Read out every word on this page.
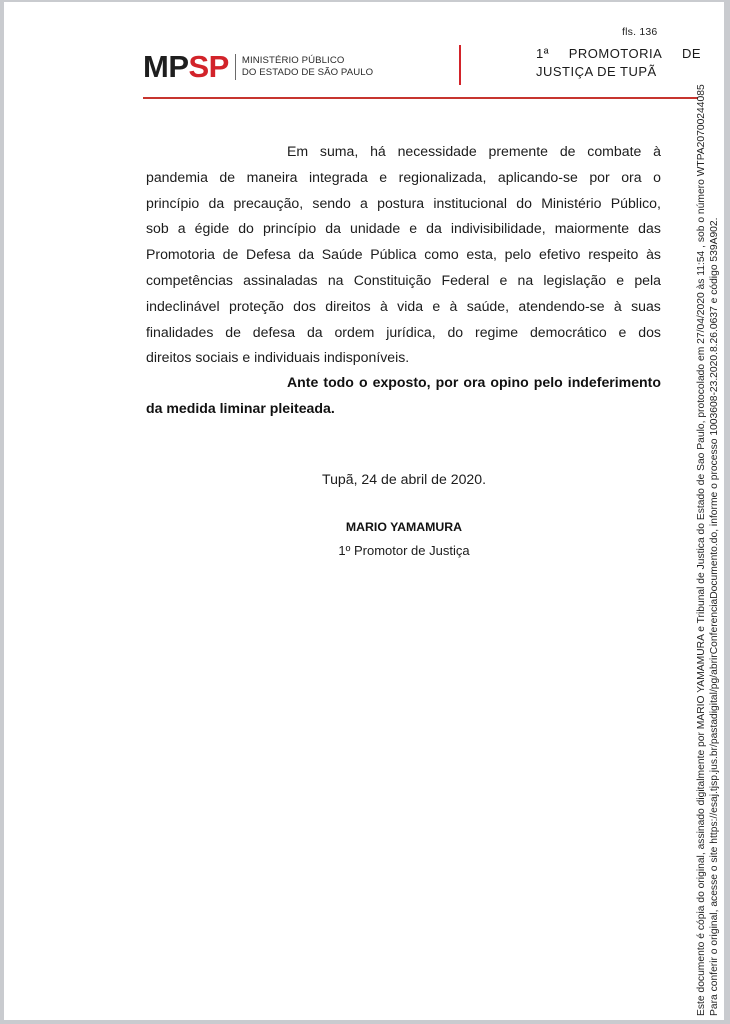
fls. 136
MPSP MINISTÉRIO PÚBLICO
DO ESTADO DE SÃO PAULO
1ª PROMOTORIA DE
JUSTIÇA DE TUPÃ
Em suma, há necessidade premente de combate à
pandemia de maneira integrada e regionalizada, aplicando-se por ora o
princípio da precaução, sendo a postura institucional do Ministério Público,
sob a égide do princípio da unidade e da indivisibilidade, maiormente das
Promotoria de Defesa da Saúde Pública como esta, pelo efetivo respeito às
competências assinaladas na Constituição Federal e na legislação e pela
indeclinável proteção dos direitos à vida e à saúde, atendendo-se à suas
finalidades de defesa da ordem jurídica, do regime democrático e dos
direitos sociais e individuais indisponíveis.
Ante todo o exposto, por ora opino pelo indeferimento
da medida liminar pleiteada.
Tupã, 24 de abril de 2020.
MARIO YAMAMURA
1º Promotor de Justiça	Este documento é cópia do original, assinado digitalmente por MARIO YAMAMURA e Tribunal de Justica do Estado de Sao Paulo, protocolado em 27/04/2020 às 11:54 , sob o número WTPA20700244085 Para conferir o original, acesse o site https://esaj.tjsp.jus.br/pastadigital/pg/abrirConferenciaDocumento.do, informe o processo 1003608-23.2020.8.26.0637 e código 539A902.
